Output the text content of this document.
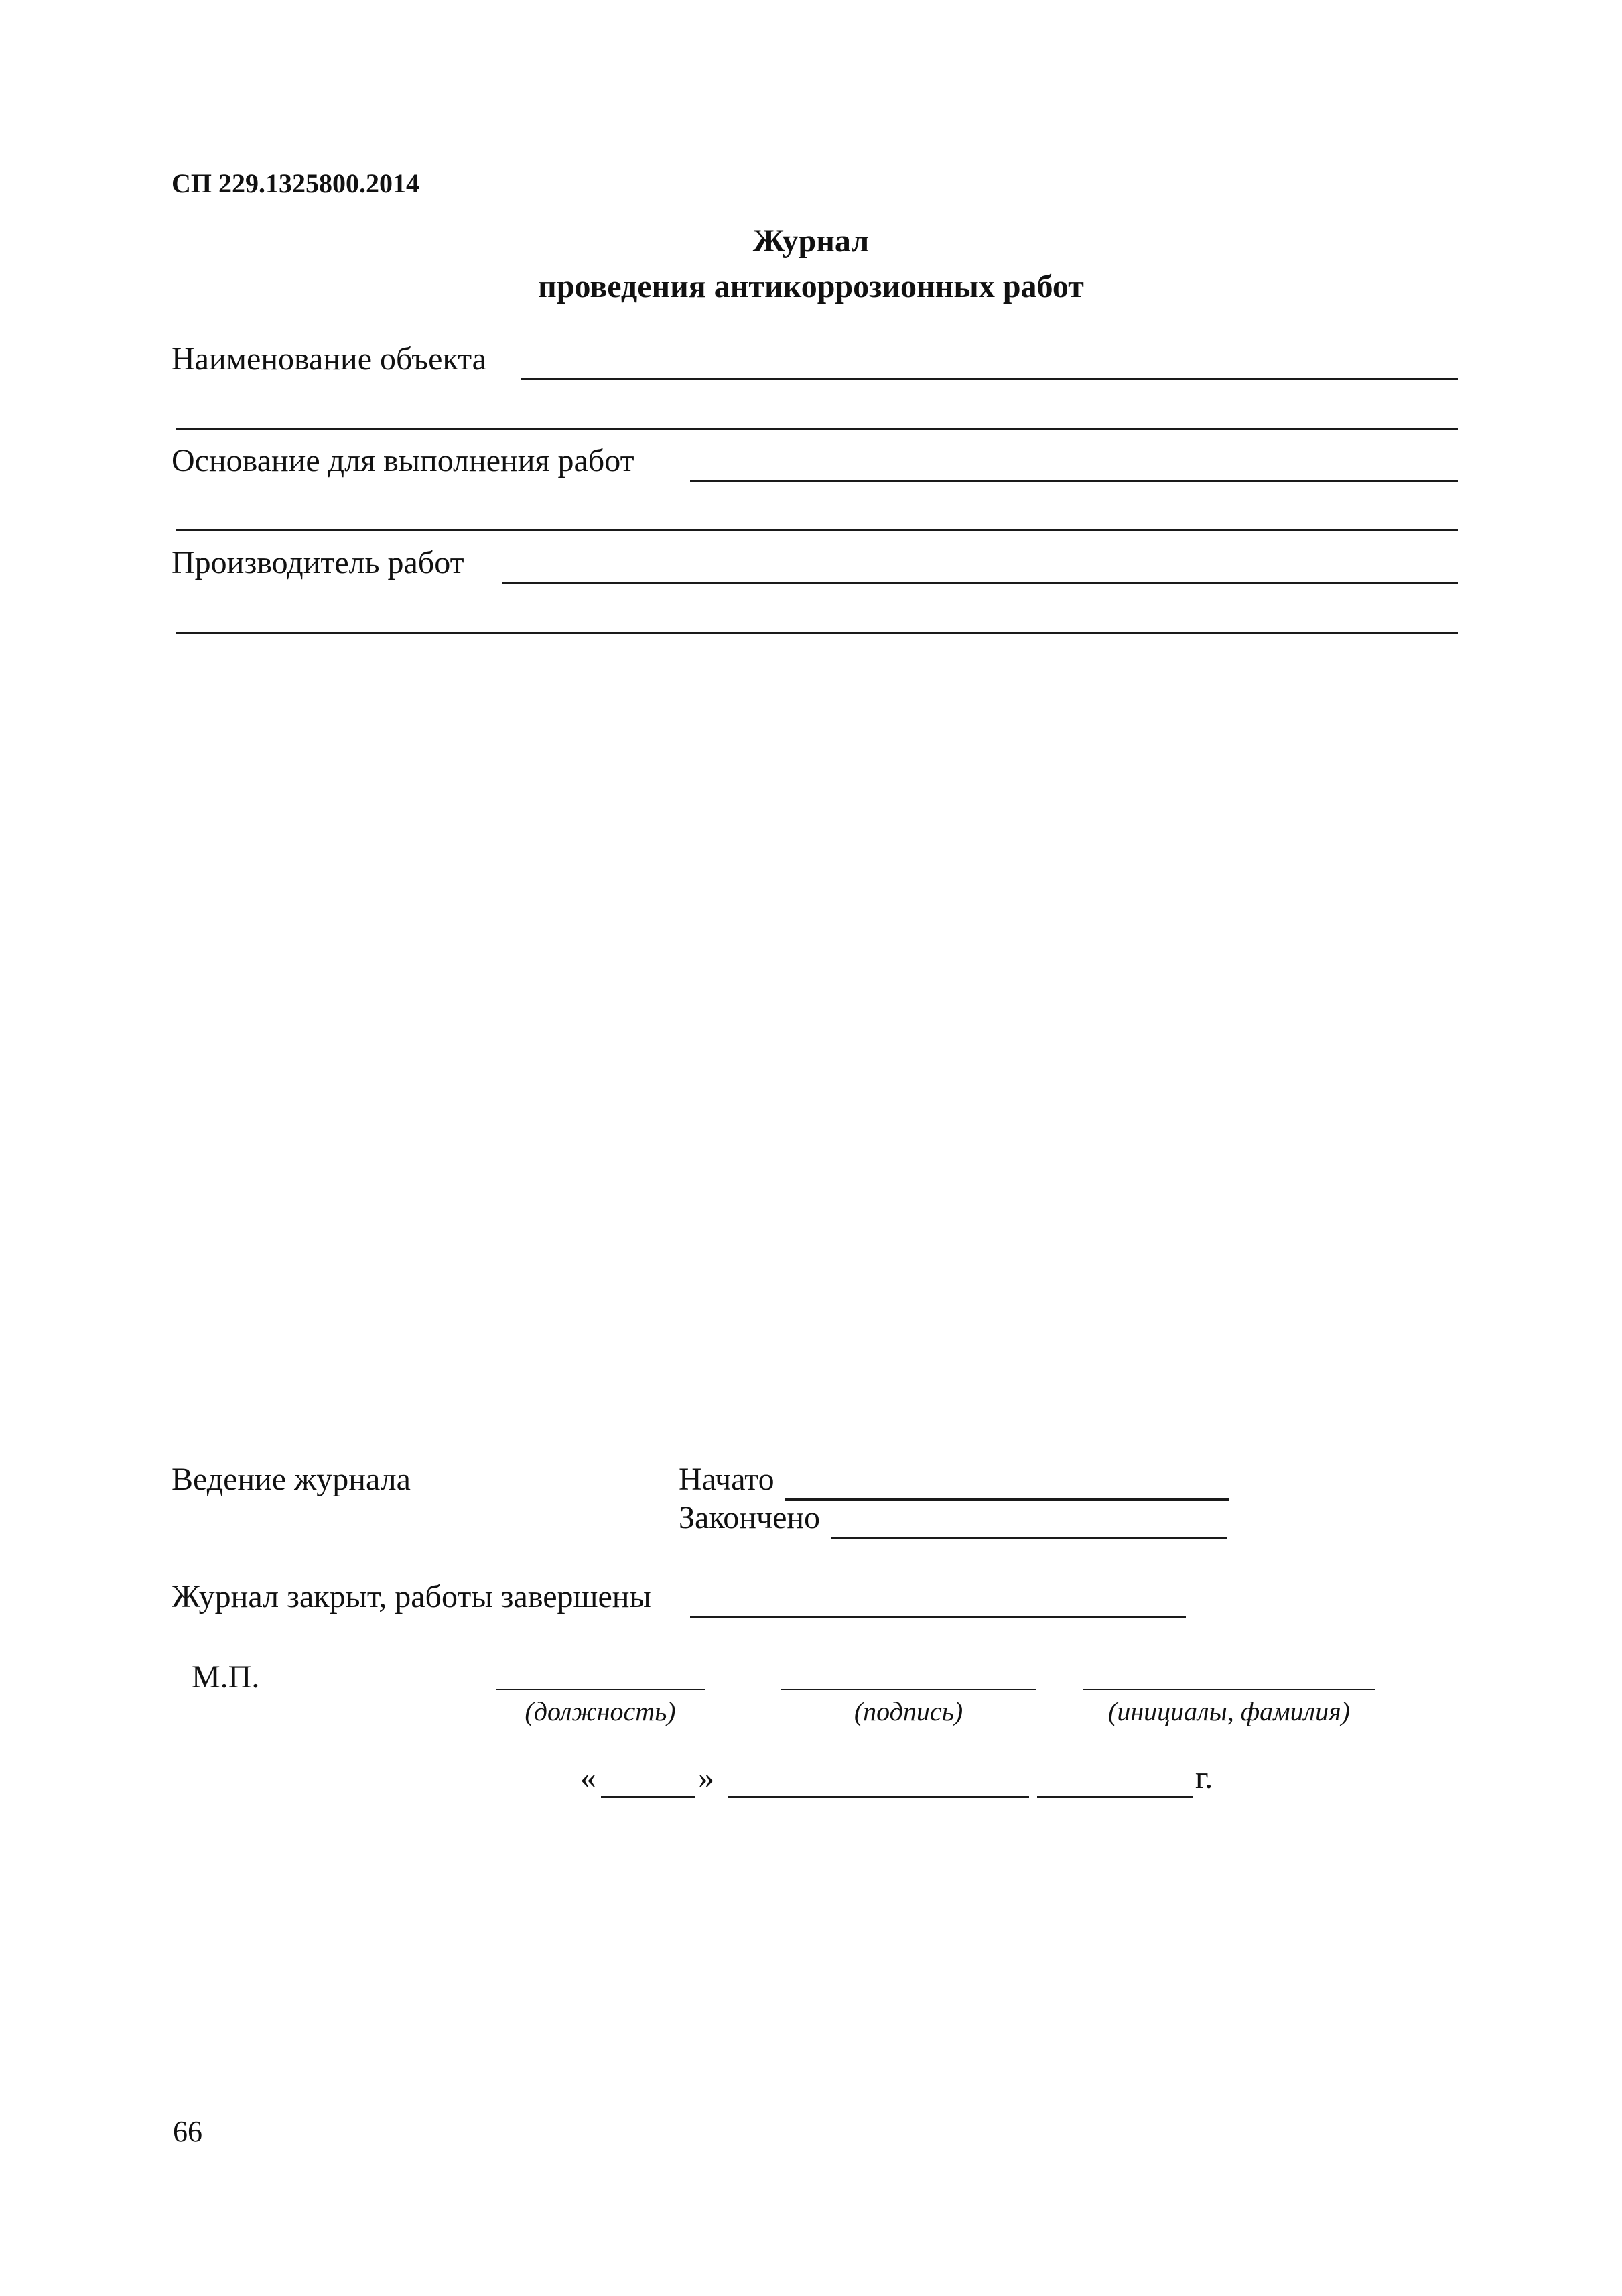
СП 229.1325800.2014
Журнал
проведения антикоррозионных работ
Наименование объекта
Основание для выполнения работ
Производитель работ
Ведение журнала	Начато
Закончено
Журнал закрыт, работы завершены
М.П.
(должность)	(подпись)	(инициалы, фамилия)
«	»	г.
66
